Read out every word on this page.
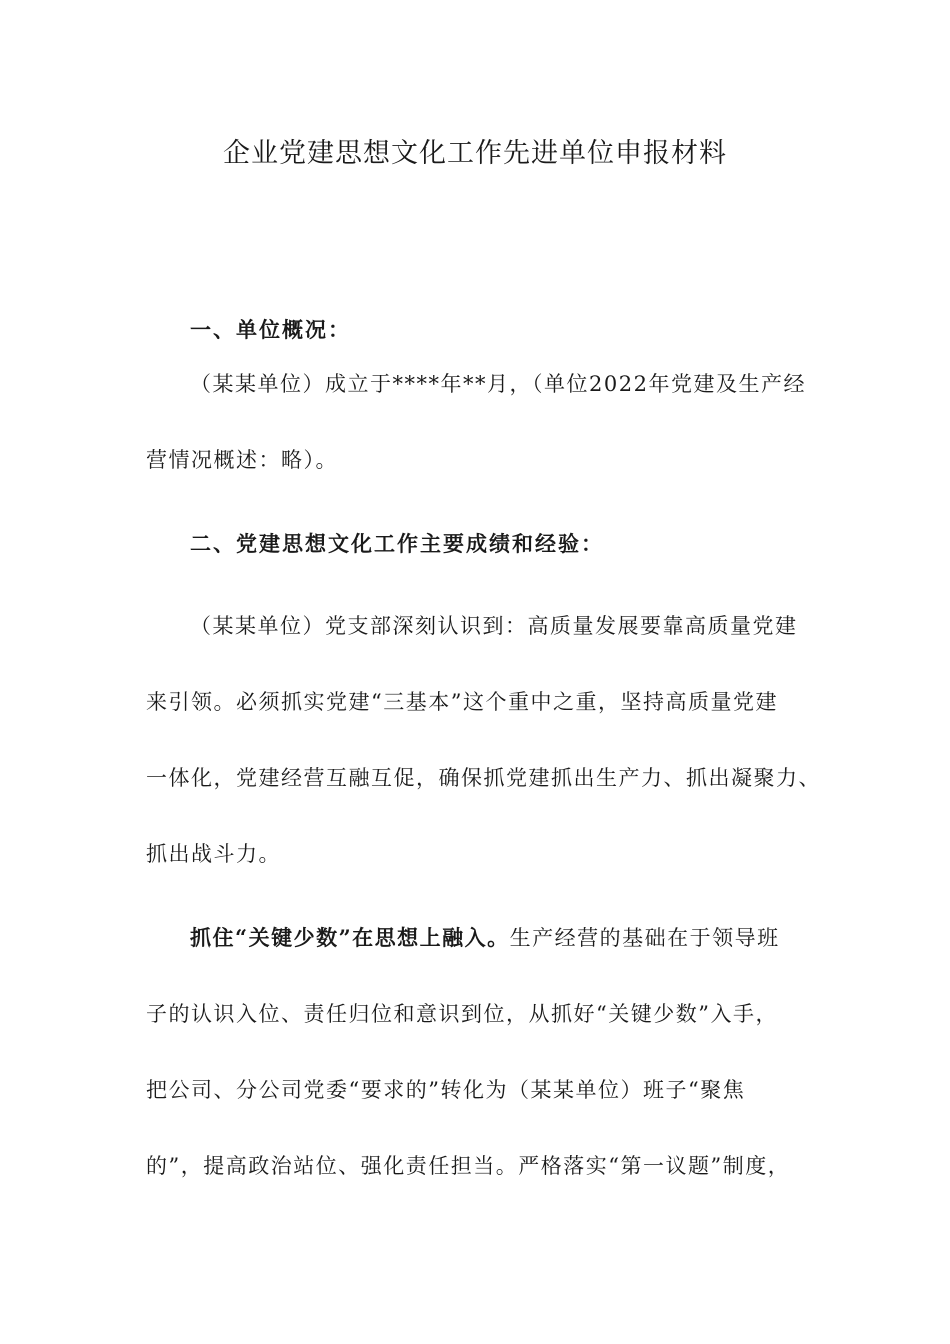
企业党建思想文化工作先进单位申报材料
一、单位概况：
（某某单位）成立于****年**月，（单位2022年党建及生产经
营情况概述：略）。
二、党建思想文化工作主要成绩和经验：
（某某单位）党支部深刻认识到：高质量发展要靠高质量党建
来引领。必须抓实党建“三基本”这个重中之重，坚持高质量党建
一体化，党建经营互融互促，确保抓党建抓出生产力、抓出凝聚力、
抓出战斗力。
抓住“关键少数”在思想上融入。生产经营的基础在于领导班
子的认识入位、责任归位和意识到位，从抓好“关键少数”入手，
把公司、分公司党委“要求的”转化为（某某单位）班子“聚焦
的”，提高政治站位、强化责任担当。严格落实“第一议题”制度，
